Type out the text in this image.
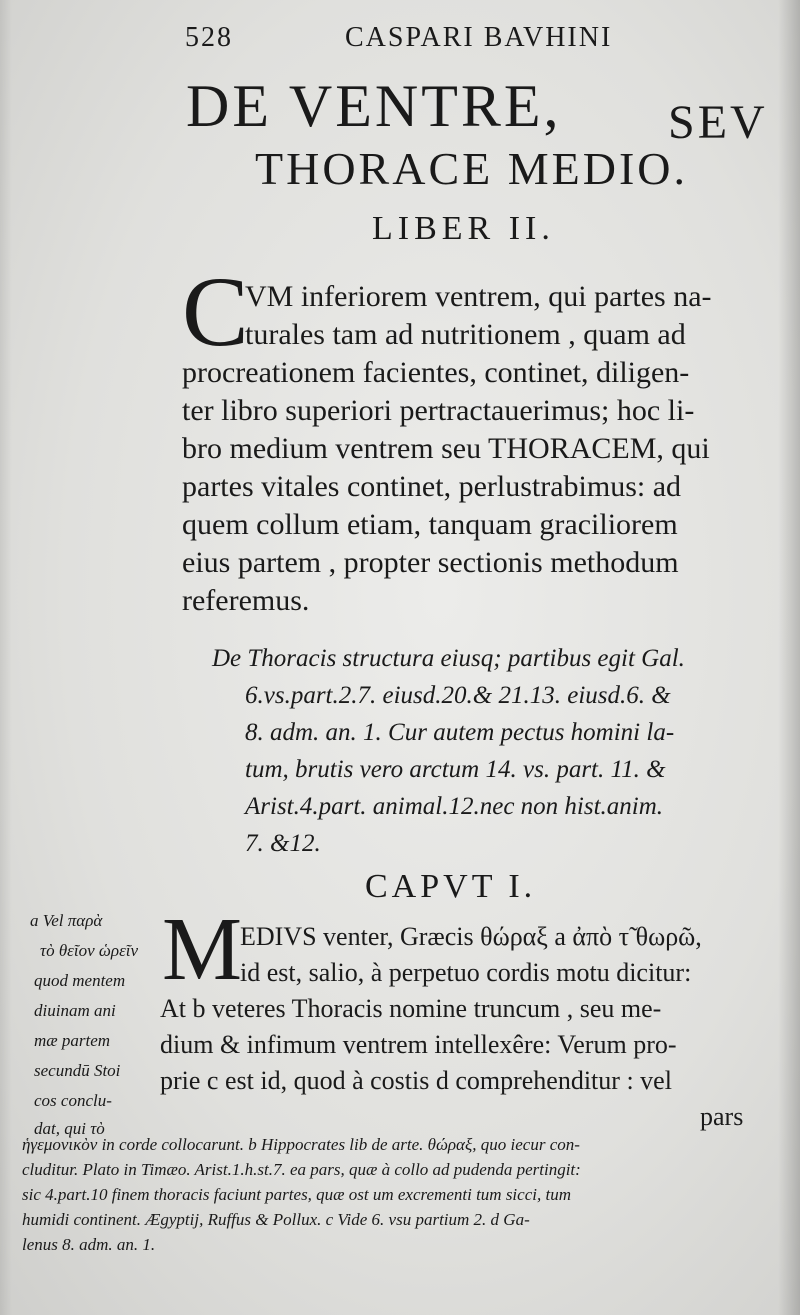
528	CASPARI BAVHINI
DE VENTRE, SEV
THORACE MEDIO.
LIBER II.
C
VM inferiorem ventrem, qui partes na-
turales tam ad nutritionem , quam ad
procreationem facientes, continet, diligen-
ter libro superiori pertractauerimus; hoc li-
bro medium ventrem seu THORACEM, qui
partes vitales continet, perlustrabimus: ad
quem collum etiam, tanquam graciliorem
eius partem , propter sectionis methodum
referemus.
De Thoracis structura eiusq; partibus egit Gal.
6.vs.part.2.7. eiusd.20.& 21.13. eiusd.6. &
8. adm. an. 1. Cur autem pectus homini la-
tum, brutis vero arctum 14. vs. part. 11. &
Arist.4.part. animal.12.nec non hist.anim.
7. &12.
CAPVT I.
a Vel παρὰ
τὸ θεῖον ὡρεῖν
quod mentem
diuinam ani
mæ partem
secundū Stoi
cos conclu-
dat, qui τὸ
M
EDIVS venter, Græcis θώραξ a ἀπὸ τ̃ θωρῶ,
id est, salio, à perpetuo cordis motu dicitur:
At b veteres Thoracis nomine truncum , seu me-
dium & infimum ventrem intellexêre: Verum pro-
prie c est id, quod à costis d comprehenditur : vel
pars
ἡγεμονικὸν in corde collocarunt. b Hippocrates lib de arte. θώραξ, quo iecur con-
cluditur. Plato in Timæo. Arist.1.h.st.7. ea pars, quæ à collo ad pudenda pertingit:
sic 4.part.10 finem thoracis faciunt partes, quæ ost um excrementi tum sicci, tum
humidi continent. Ægyptij, Ruffus & Pollux. c Vide 6. vsu partium 2. d Ga-
lenus 8. adm. an. 1.
